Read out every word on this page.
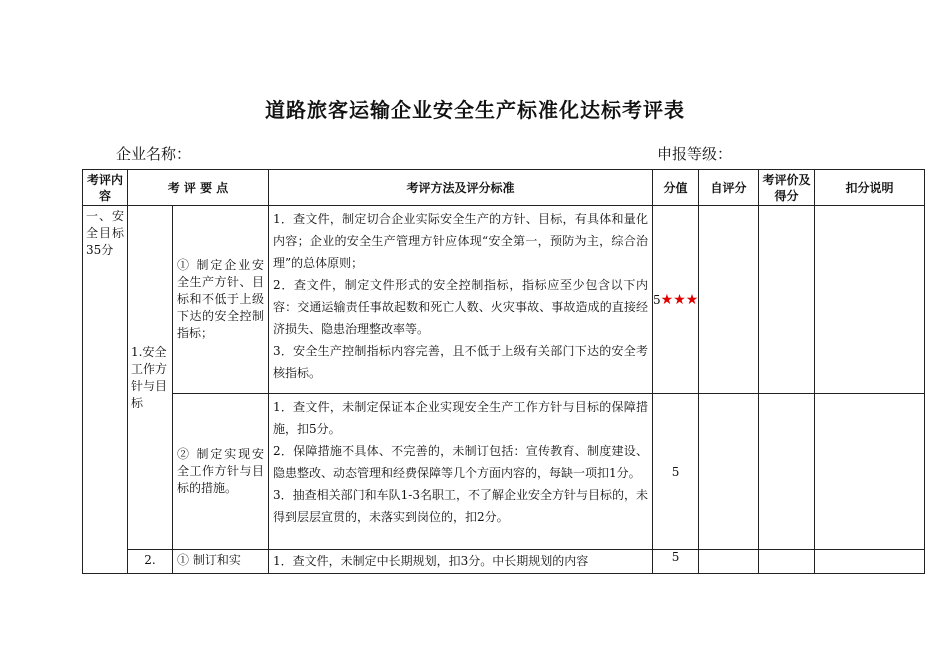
道路旅客运输企业安全生产标准化达标考评表
企业名称：	申报等级：
考评内容	考 评 要 点		考评方法及评分标准	分值	自评分	考评价及得分	扣分说明
一、安全目标35分	1.安全工作方针与目标	① 制定企业安全生产方针、目标和不低于上级下达的安全控制指标；	1．查文件，制定切合企业实际安全生产的方针、目标，有具体和量化内容；企业的安全生产管理方针应体现“安全第一，预防为主，综合治理”的总体原则；
2．查文件，制定文件形式的安全控制指标，指标应至少包含以下内容：交通运输责任事故起数和死亡人数、火灾事故、事故造成的直接经济损失、隐患治理整改率等。
3．安全生产控制指标内容完善，且不低于上级有关部门下达的安全考核指标。	5★★★			
		② 制定实现安全工作方针与目标的措施。	1．查文件，未制定保证本企业实现安全生产工作方针与目标的保障措施，扣5分。
2．保障措施不具体、不完善的，未制订包括：宣传教育、制度建设、隐患整改、动态管理和经费保障等几个方面内容的，每缺一项扣1分。
3．抽查相关部门和车队1-3名职工，不了解企业安全方针与目标的，未得到层层宣贯的，未落实到岗位的，扣2分。	5			
	2.	① 制订和实	1．查文件，未制定中长期规划，扣3分。中长期规划的内容	5			
